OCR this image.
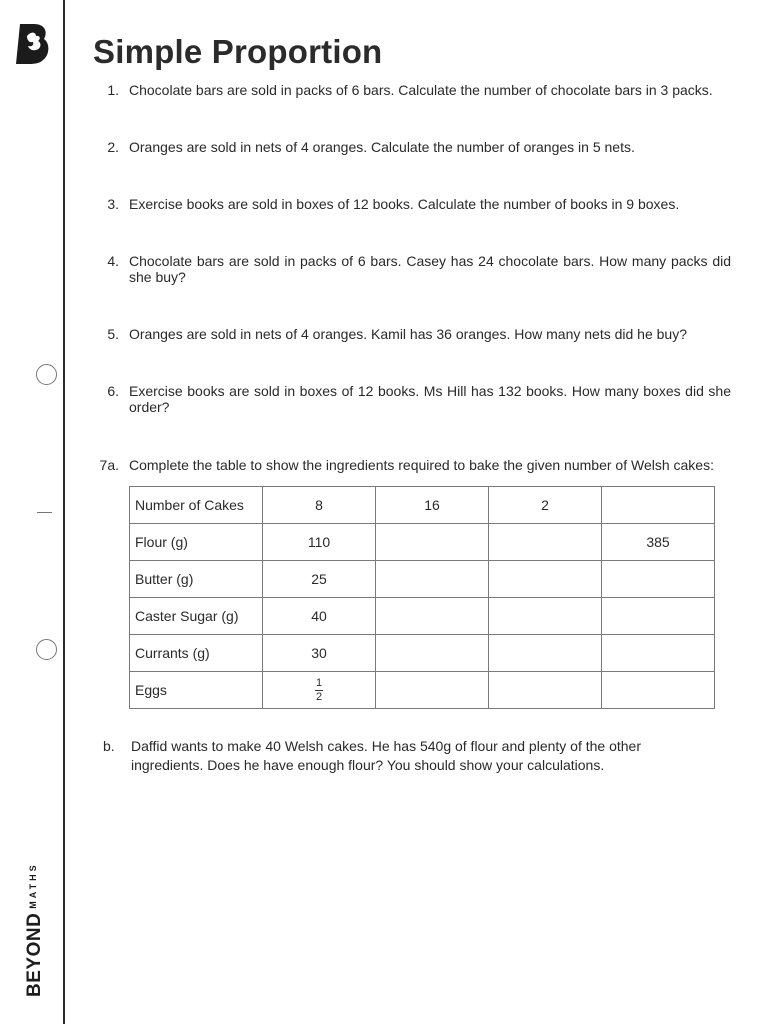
$BEYOND^{MATHS}$
Simple Proportion
1. Chocolate bars are sold in packs of 6 bars. Calculate the number of chocolate bars in 3 packs.
2. Oranges are sold in nets of 4 oranges. Calculate the number of oranges in 5 nets.
3. Exercise books are sold in boxes of 12 books. Calculate the number of books in 9 boxes.
4. Chocolate bars are sold in packs of 6 bars. Casey has 24 chocolate bars. How many packs did she buy?
5. Oranges are sold in nets of 4 oranges. Kamil has 36 oranges. How many nets did he buy?
6. Exercise books are sold in boxes of 12 books. Ms Hill has 132 books. How many boxes did she order?
7a. Complete the table to show the ingredients required to bake the given number of Welsh cakes:
Number of Cakes	8	16	2	
Flour (g)	110			385
Butter (g)	25			
Caster Sugar (g)	40			
Currants (g)	30			
Eggs	$\frac{1}{2}$

b. Daffid wants to make 40 Welsh cakes. He has 540g of flour and plenty of the other ingredients. Does he have enough flour? You should show your calculations.
